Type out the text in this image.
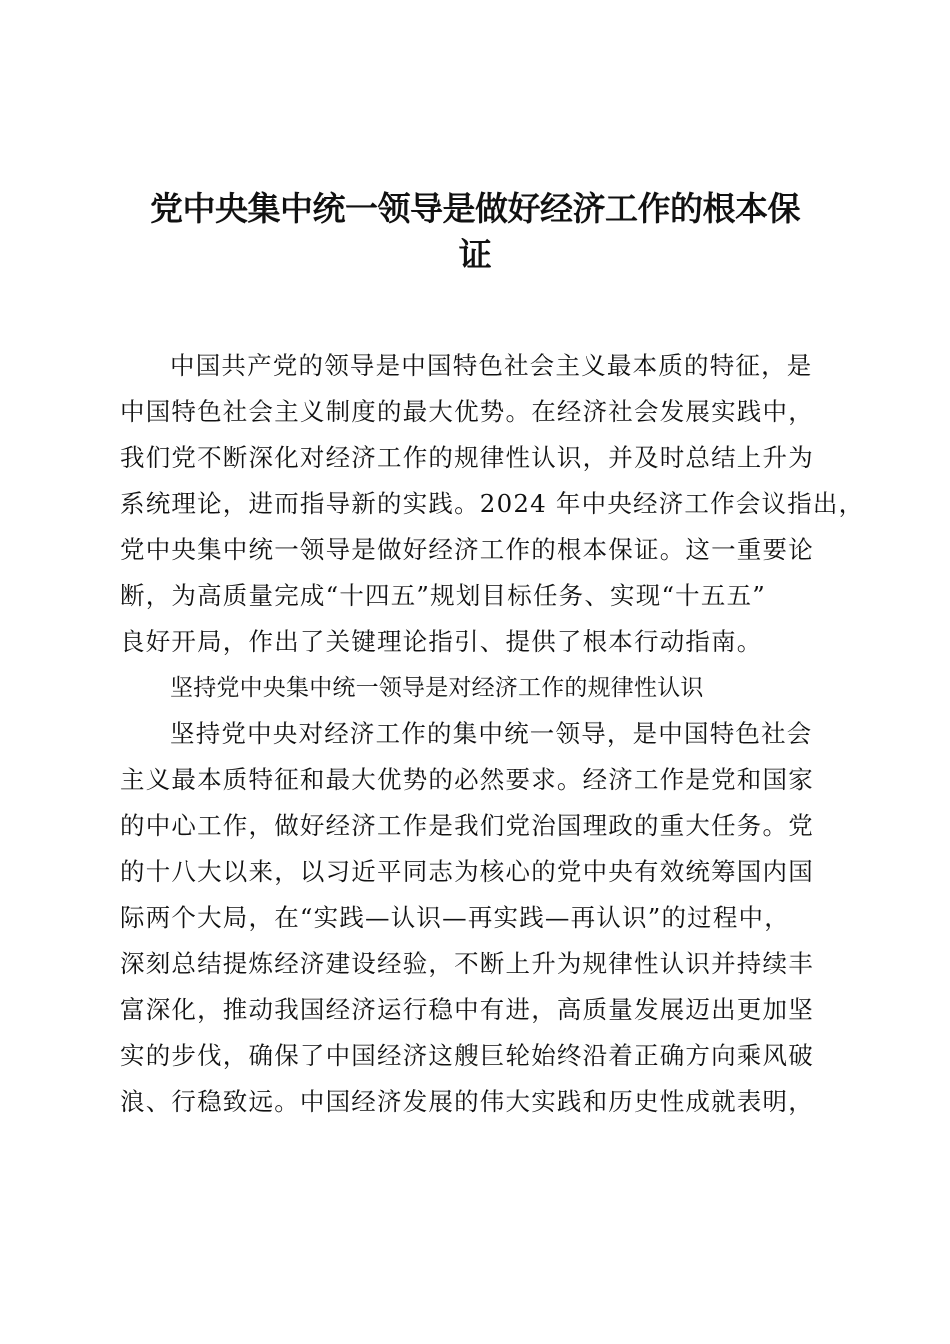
党中央集中统一领导是做好经济工作的根本保
证
中国共产党的领导是中国特色社会主义最本质的特征，是
中国特色社会主义制度的最大优势。在经济社会发展实践中，
我们党不断深化对经济工作的规律性认识，并及时总结上升为
系统理论，进而指导新的实践。2024 年中央经济工作会议指出，
党中央集中统一领导是做好经济工作的根本保证。这一重要论
断，为高质量完成“十四五”规划目标任务、实现“十五五”
良好开局，作出了关键理论指引、提供了根本行动指南。
坚持党中央集中统一领导是对经济工作的规律性认识
坚持党中央对经济工作的集中统一领导，是中国特色社会
主义最本质特征和最大优势的必然要求。经济工作是党和国家
的中心工作，做好经济工作是我们党治国理政的重大任务。党
的十八大以来，以习近平同志为核心的党中央有效统筹国内国
际两个大局，在“实践—认识—再实践—再认识”的过程中，
深刻总结提炼经济建设经验，不断上升为规律性认识并持续丰
富深化，推动我国经济运行稳中有进，高质量发展迈出更加坚
实的步伐，确保了中国经济这艘巨轮始终沿着正确方向乘风破
浪、行稳致远。中国经济发展的伟大实践和历史性成就表明，
